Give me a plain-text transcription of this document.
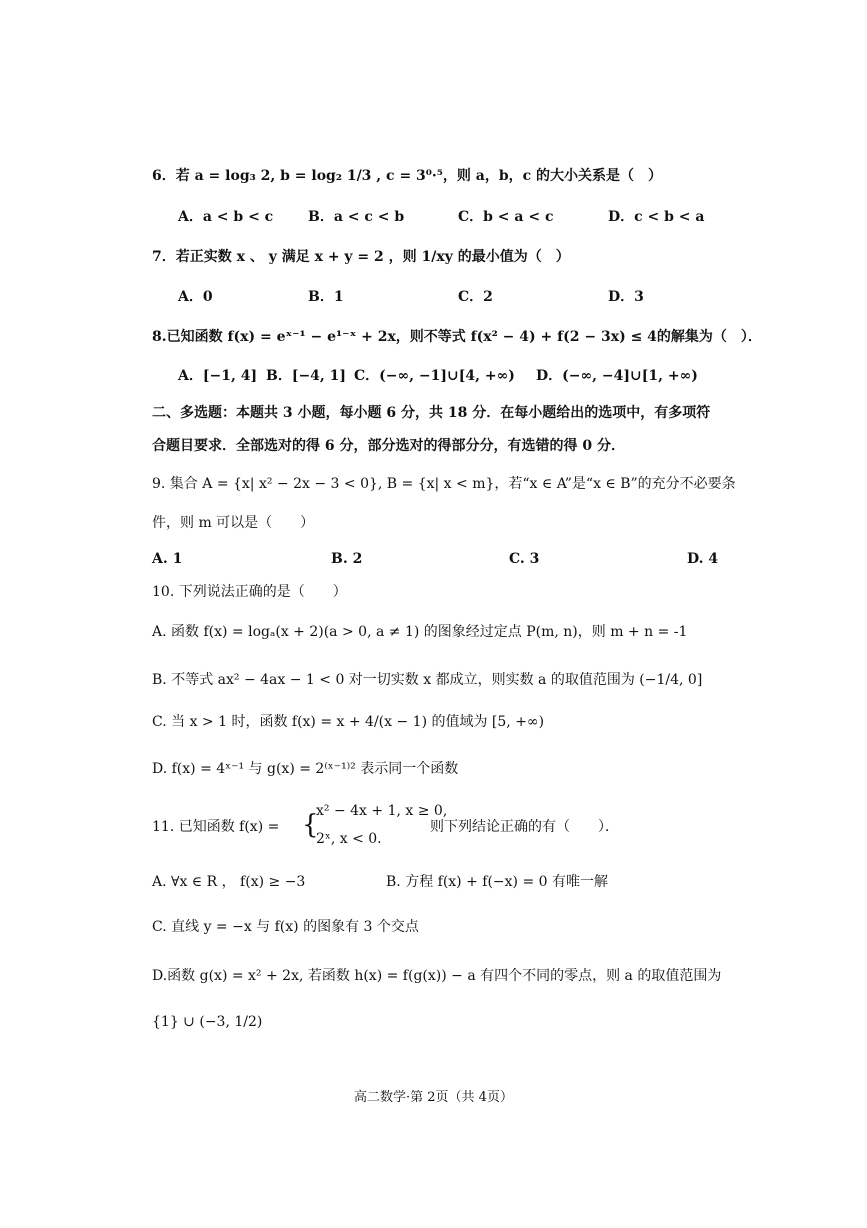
6．若 a = log₃ 2, b = log₂ 1/3 , c = 3⁰·⁵，则 a，b，c 的大小关系是（　）
A．a < b < c B．a < c < b	C．b < a < c	D．c < b < a
7．若正实数 x 、 y 满足 x + y = 2 ，则 1/xy 的最小值为（　）
A．0	B．1	C．2	D．3
8.已知函数 f(x) = eˣ⁻¹ − e¹⁻ˣ + 2x，则不等式 f(x² − 4) + f(2 − 3x) ≤ 4的解集为（　）．
A．[−1, 4] B．[−4, 1] C．(−∞, −1]∪[4, +∞) D．(−∞, −4]∪[1, +∞)
二、多选题：本题共 3 小题，每小题 6 分，共 18 分．在每小题给出的选项中，有多项符
合题目要求．全部选对的得 6 分，部分选对的得部分分，有选错的得 0 分．
9. 集合 A = {x| x² − 2x − 3 < 0}, B = {x| x < m}，若“x ∈ A”是“x ∈ B”的充分不必要条
件，则 m 可以是（　　）
A. 1	B. 2	C. 3	D. 4
10. 下列说法正确的是（　　）
A. 函数 f(x) = logₐ(x + 2)(a > 0, a ≠ 1) 的图象经过定点 P(m, n)，则 m + n = -1
B. 不等式 ax² − 4ax − 1 < 0 对一切实数 x 都成立，则实数 a 的取值范围为 (−1/4, 0]
C. 当 x > 1 时，函数 f(x) = x + 4/(x − 1) 的值域为 [5, +∞)
D. f(x) = 4ˣ⁻¹ 与 g(x) = 2⁽ˣ⁻¹⁾² 表示同一个函数
11. 已知函数 f(x) = {
x² − 4x + 1, x ≥ 0,
2ˣ, x < 0.
则下列结论正确的有（　　）．
A. ∀x ∈ R ， f(x) ≥ −3	B. 方程 f(x) + f(−x) = 0 有唯一解
C. 直线 y = −x 与 f(x) 的图象有 3 个交点
D.函数 g(x) = x² + 2x, 若函数 h(x) = f(g(x)) − a 有四个不同的零点，则 a 的取值范围为
{1} ∪ (−3, 1/2)
高二数学·第 2页（共 4页）
